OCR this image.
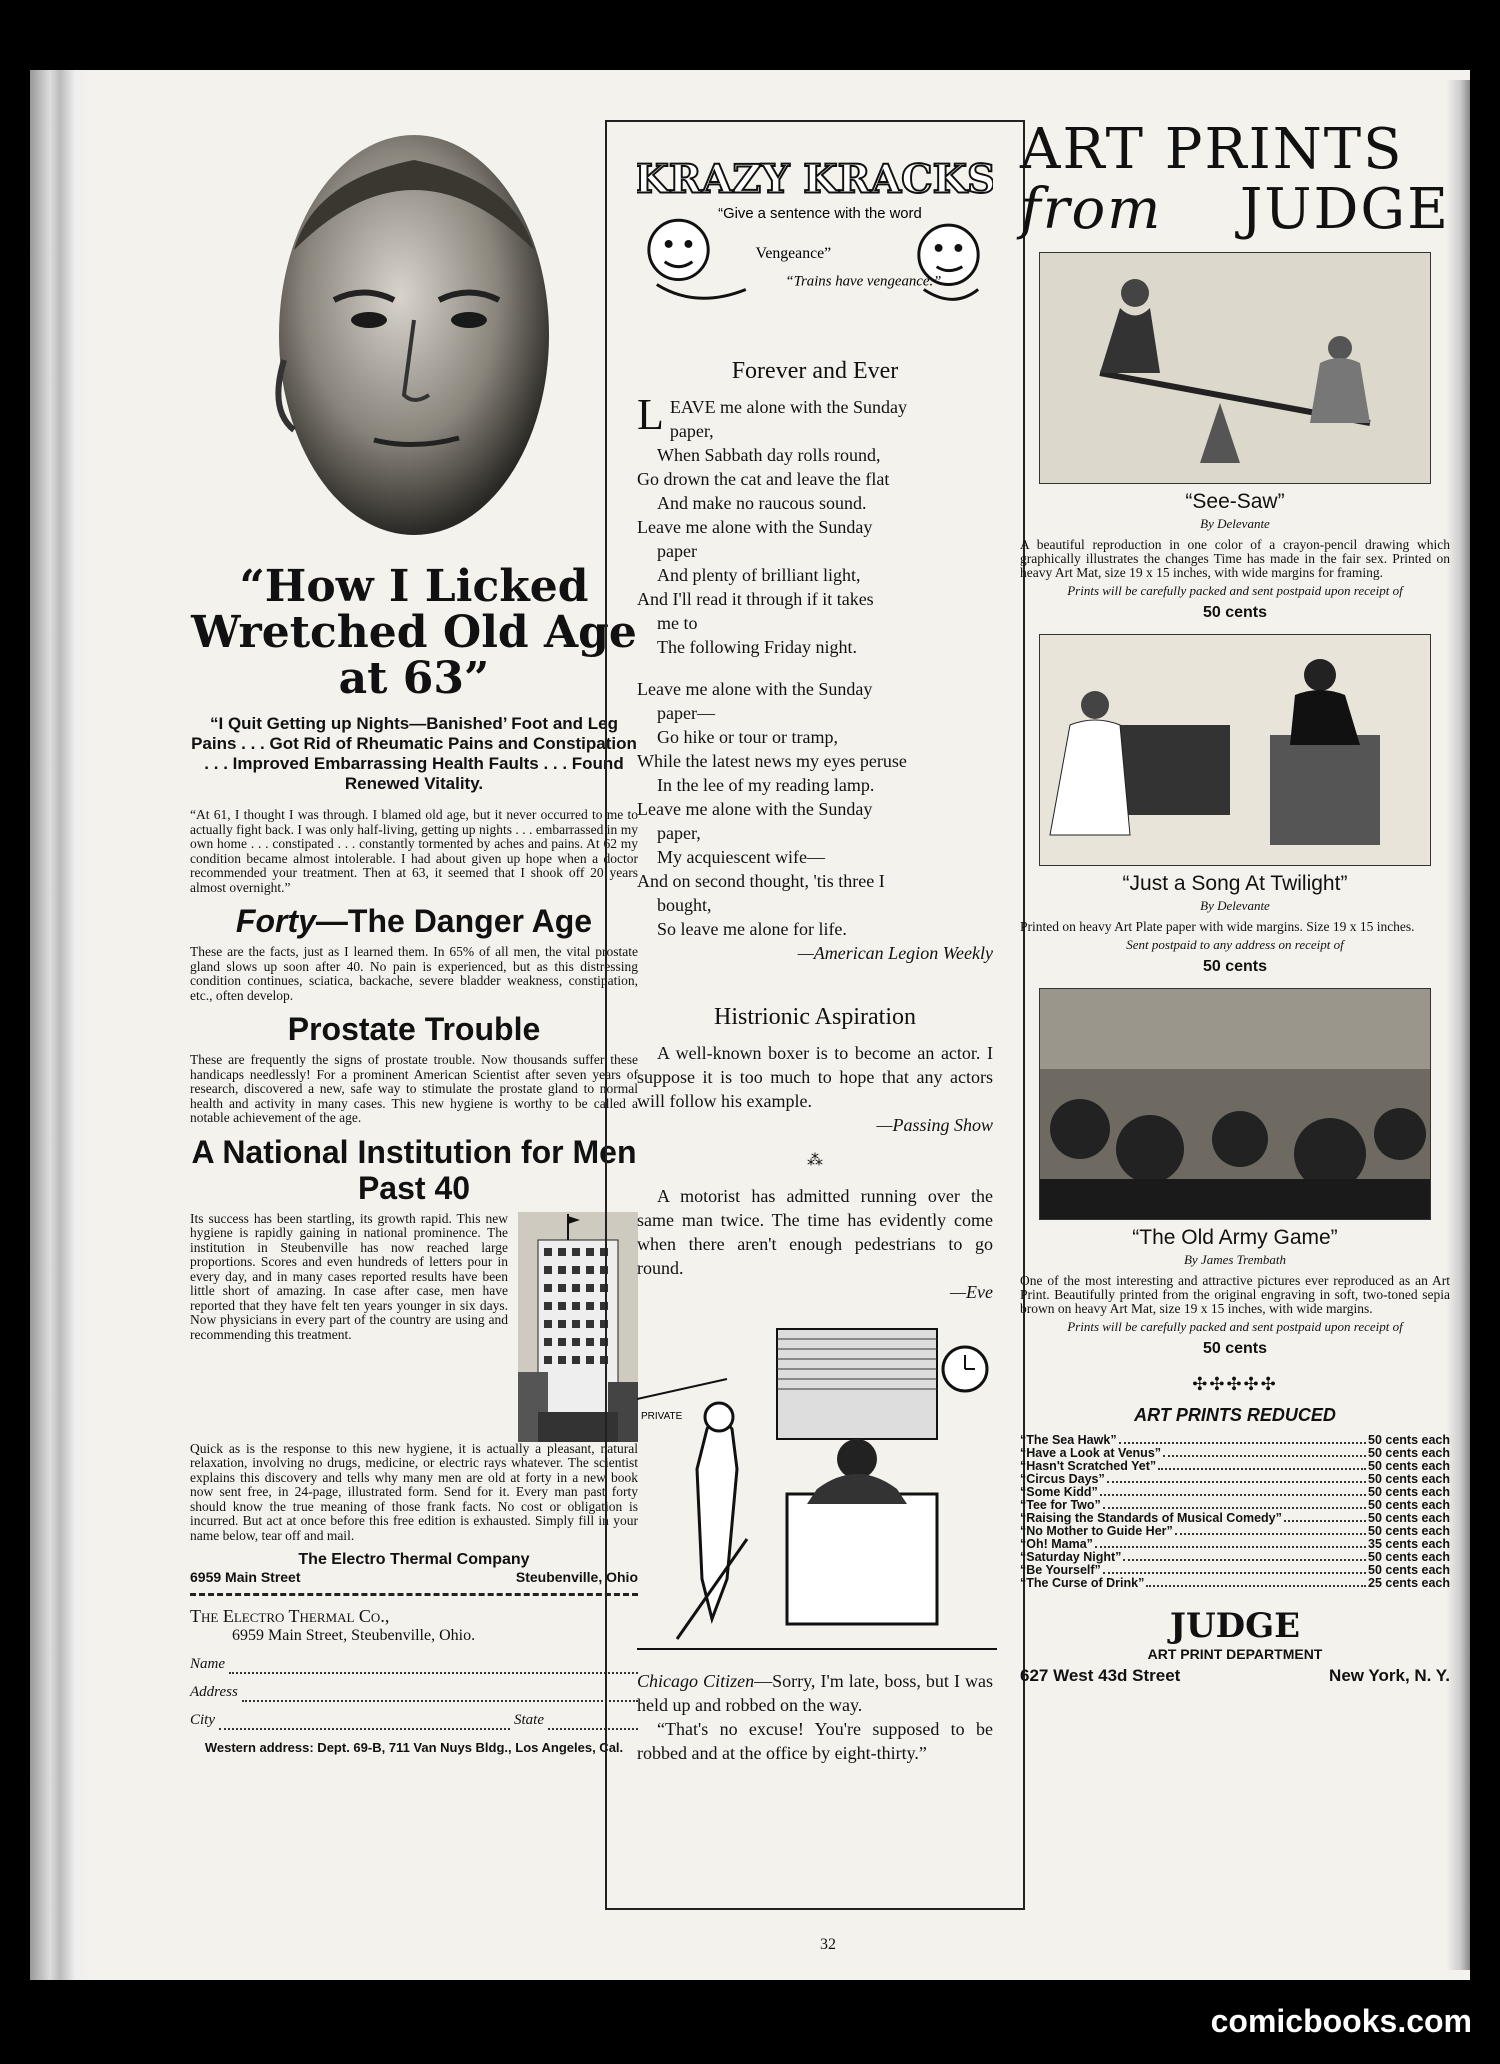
“How I Licked Wretched Old Age at 63”
“I Quit Getting up Nights—Banished’ Foot and Leg Pains . . . Got Rid of Rheumatic Pains and Constipation . . . Improved Embarrassing Health Faults . . . Found Renewed Vitality.

“At 61, I thought I was through. I blamed old age, but it never occurred to me to actually fight back. I was only half-living, getting up nights . . . embarrassed in my own home . . . constipated . . . constantly tormented by aches and pains. At 62 my condition became almost intolerable. I had about given up hope when a doctor recommended your treatment. Then at 63, it seemed that I shook off 20 years almost overnight.”

Forty—The Danger Age

These are the facts, just as I learned them. In 65% of all men, the vital prostate gland slows up soon after 40. No pain is experienced, but as this distressing condition continues, sciatica, backache, severe bladder weakness, constipation, etc., often develop.

Prostate Trouble

These are frequently the signs of prostate trouble. Now thousands suffer these handicaps needlessly! For a prominent American Scientist after seven years of research, discovered a new, safe way to stimulate the prostate gland to normal health and activity in many cases. This new hygiene is worthy to be called a notable achievement of the age.

A National Institution for Men Past 40

Its success has been startling, its growth rapid. This new hygiene is rapidly gaining in national prominence. The institution in Steubenville has now reached large proportions. Scores and even hundreds of letters pour in every day, and in many cases reported results have been little short of amazing. In case after case, men have reported that they have felt ten years younger in six days. Now physicians in every part of the country are using and recommending this treatment.

Quick as is the response to this new hygiene, it is actually a pleasant, natural relaxation, involving no drugs, medicine, or electric rays whatever. The scientist explains this discovery and tells why many men are old at forty in a new book now sent free, in 24-page, illustrated form. Send for it. Every man past forty should know the true meaning of those frank facts. No cost or obligation is incurred. But act at once before this free edition is exhausted. Simply fill in your name below, tear off and mail.

The Electro Thermal Company
6959 Main Street	Steubenville, Ohio
The Electro Thermal Co.,
6959 Main Street, Steubenville, Ohio.
Name
Address
City	State
Western address: Dept. 69-B, 711 Van Nuys Bldg., Los Angeles, Cal.
KRAZY KRACKS
“Give a sentence with the word
Vengeance”
“Trains have vengeance.”
Forever and Ever
L EAVE me alone with the Sunday
paper,
When Sabbath day rolls round,
Go drown the cat and leave the flat
And make no raucous sound.
Leave me alone with the Sunday
paper
And plenty of brilliant light,
And I'll read it through if it takes
me to
The following Friday night.
Leave me alone with the Sunday
paper—
Go hike or tour or tramp,
While the latest news my eyes peruse
In the lee of my reading lamp.
Leave me alone with the Sunday
paper,
My acquiescent wife—
And on second thought, 'tis three I
bought,
So leave me alone for life.
—American Legion Weekly
Histrionic Aspiration

A well-known boxer is to become an actor. I suppose it is too much to hope that any actors will follow his example.

—Passing Show
⁂

A motorist has admitted running over the same man twice. The time has evidently come when there aren't enough pedestrians to go round.

—Eve
PRIVATE

Chicago Citizen—Sorry, I'm late, boss, but I was held up and robbed on the way.

“That's no excuse! You're supposed to be robbed and at the office by eight-thirty.”

32
ART PRINTS
from JUDGE
“See-Saw”
By Delevante
A beautiful reproduction in one color of a crayon-pencil drawing which graphically illustrates the changes Time has made in the fair sex. Printed on heavy Art Mat, size 19 x 15 inches, with wide margins for framing.
Prints will be carefully packed and sent postpaid upon receipt of
50 cents
“Just a Song At Twilight”
By Delevante
Printed on heavy Art Plate paper with wide margins. Size 19 x 15 inches.
Sent postpaid to any address on receipt of
50 cents
“The Old Army Game”
By James Trembath
One of the most interesting and attractive pictures ever reproduced as an Art Print. Beautifully printed from the original engraving in soft, two-toned sepia brown on heavy Art Mat, size 19 x 15 inches, with wide margins.
Prints will be carefully packed and sent postpaid upon receipt of
50 cents
✣✣✣✣✣
ART PRINTS REDUCED
“The Sea Hawk”	50 cents each
“Have a Look at Venus”	50 cents each
“Hasn't Scratched Yet”	50 cents each
“Circus Days”	50 cents each
“Some Kidd”	50 cents each
“Tee for Two”	50 cents each
“Raising the Standards of Musical Comedy”	50 cents each
“No Mother to Guide Her”	50 cents each
“Oh! Mama”	35 cents each
“Saturday Night”	50 cents each
“Be Yourself”	50 cents each
“The Curse of Drink”	25 cents each
JUDGE
ART PRINT DEPARTMENT
627 West 43d Street	New York, N. Y.
comicbooks.com
